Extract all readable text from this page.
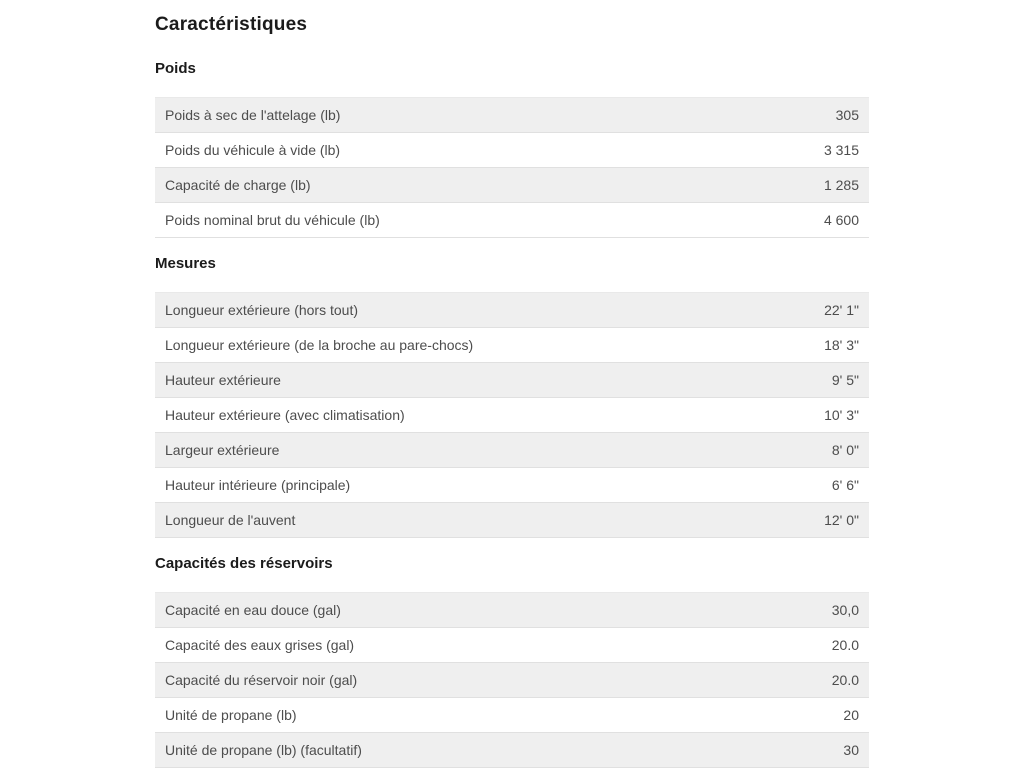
Caractéristiques
Poids
Poids à sec de l'attelage (lb)	305
Poids du véhicule à vide (lb)	3 315
Capacité de charge (lb)	1 285
Poids nominal brut du véhicule (lb)	4 600
Mesures
Longueur extérieure (hors tout)	22' 1"
Longueur extérieure (de la broche au pare-chocs)	18' 3"
Hauteur extérieure	9' 5"
Hauteur extérieure (avec climatisation)	10' 3"
Largeur extérieure	8' 0"
Hauteur intérieure (principale)	6' 6"
Longueur de l'auvent	12' 0"
Capacités des réservoirs
Capacité en eau douce (gal)	30,0
Capacité des eaux grises (gal)	20.0
Capacité du réservoir noir (gal)	20.0
Unité de propane (lb)	20
Unité de propane (lb) (facultatif)	30
